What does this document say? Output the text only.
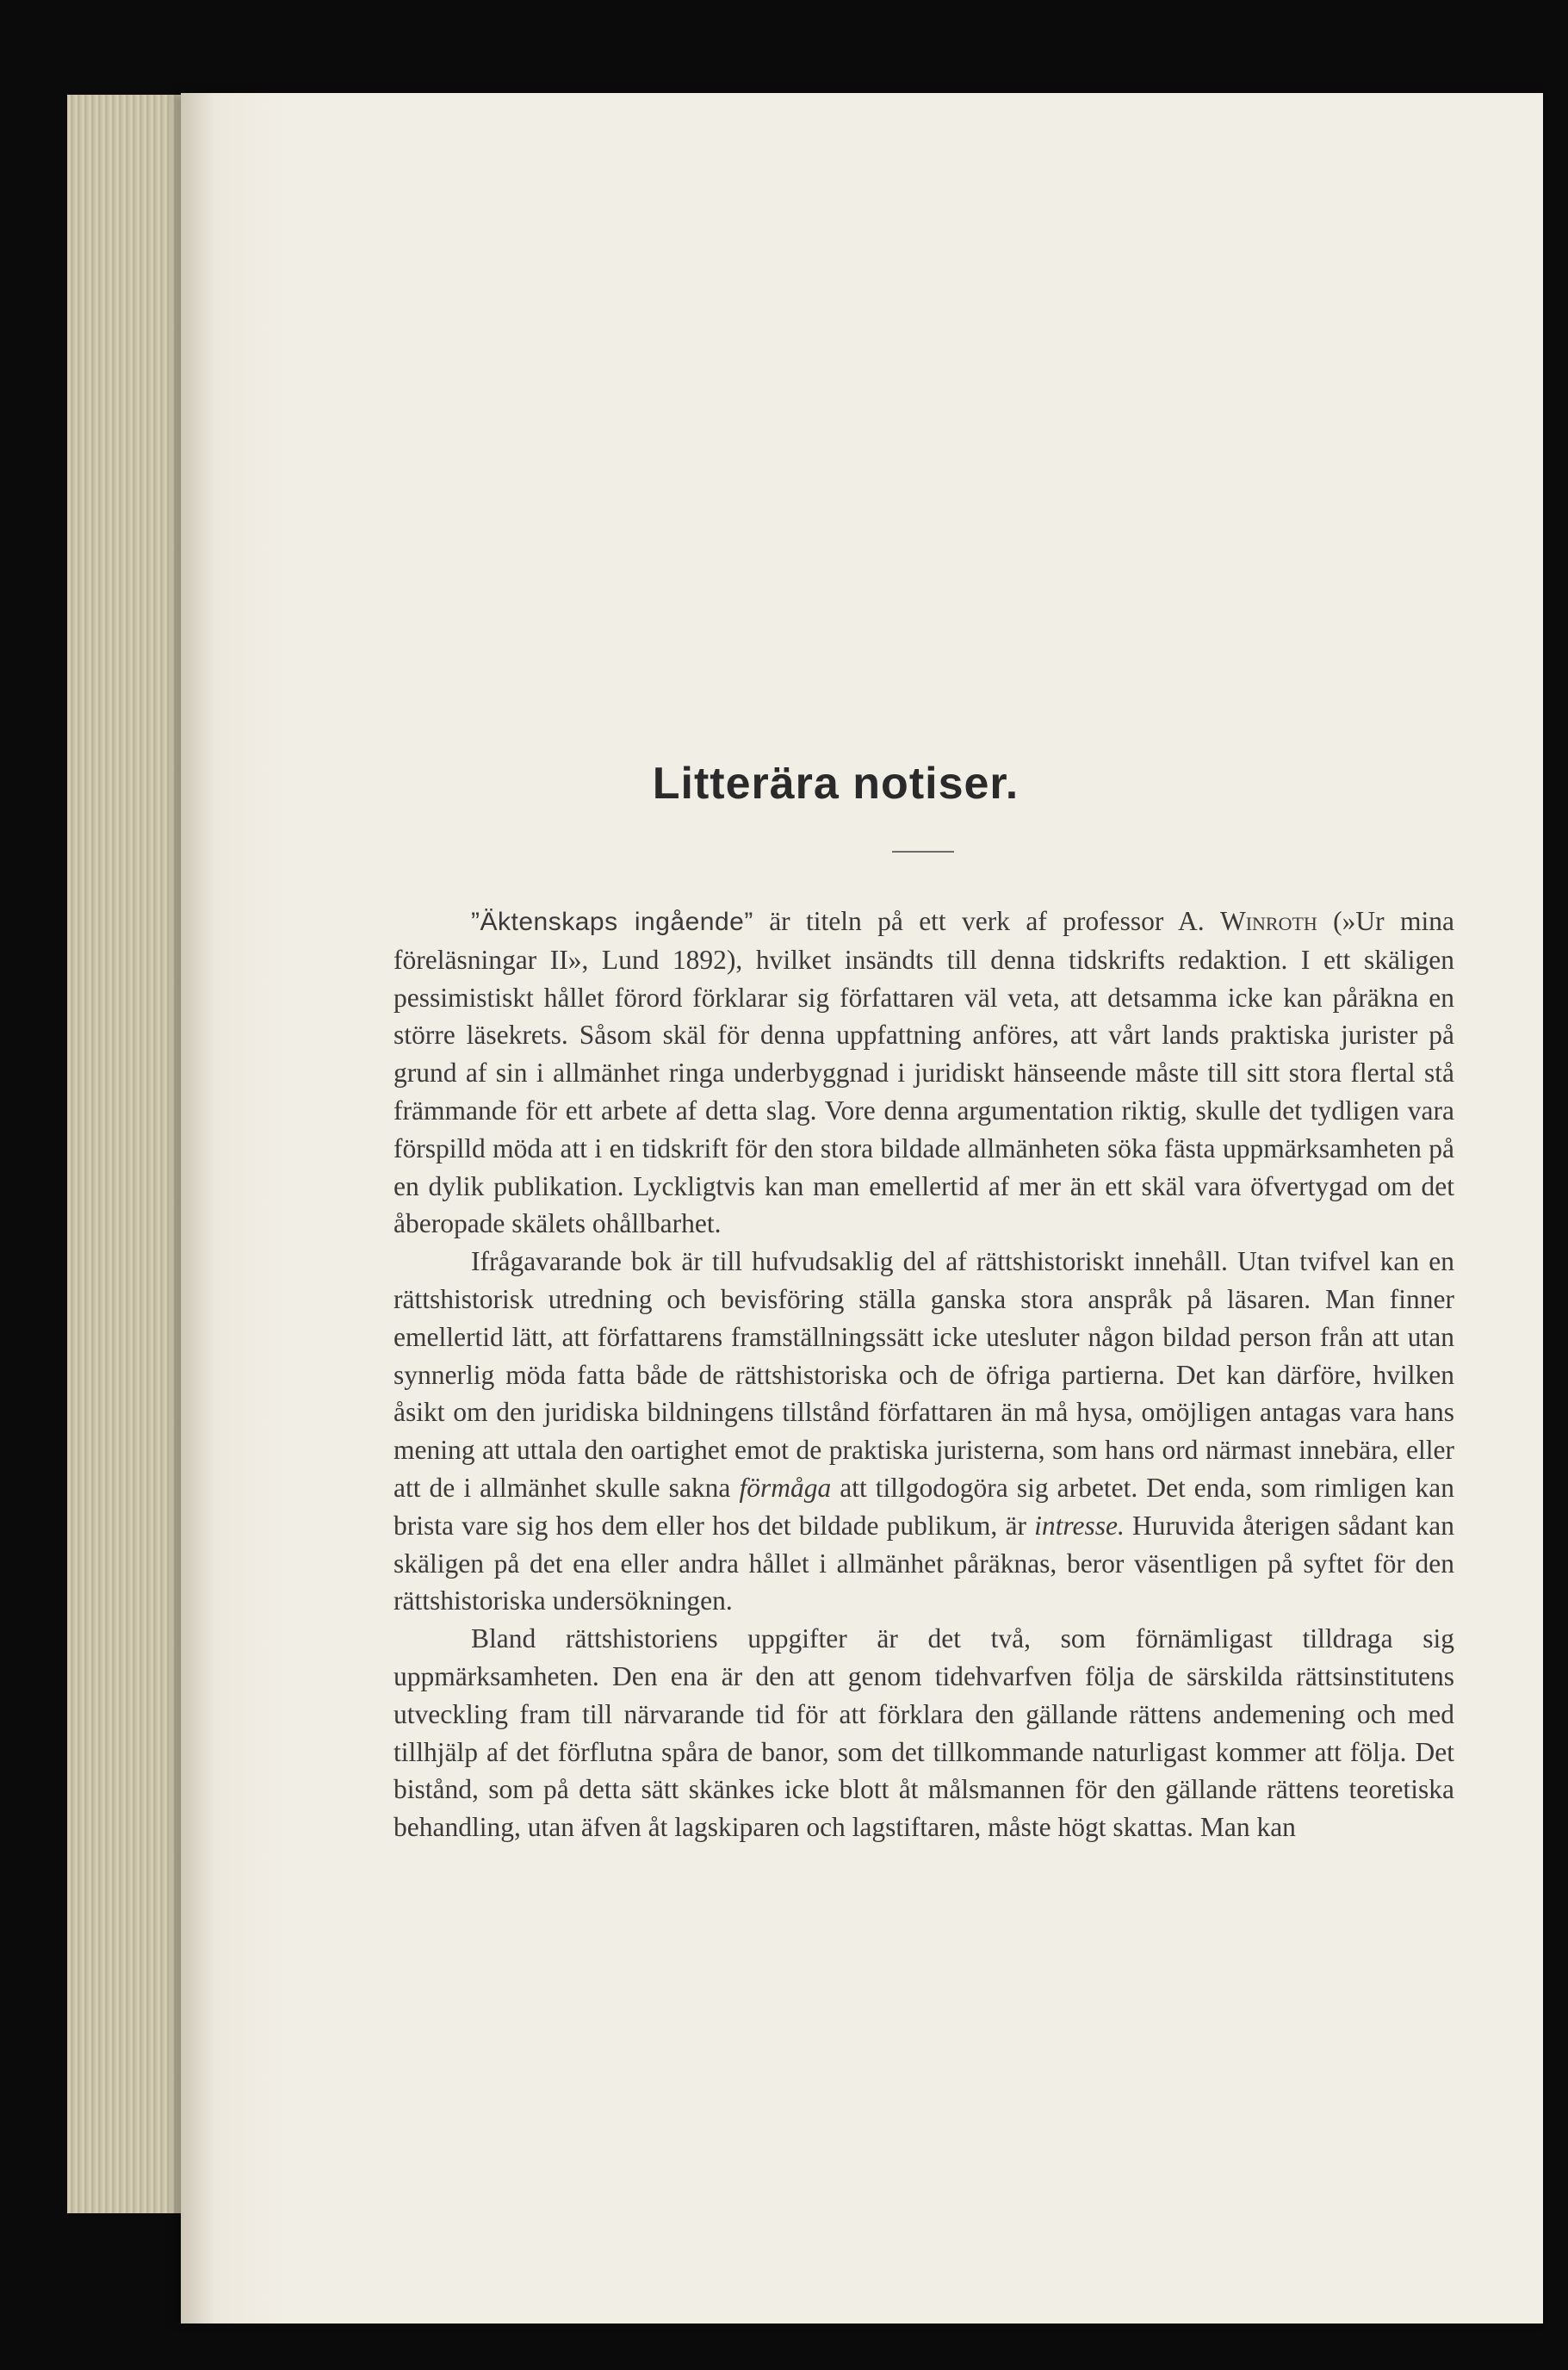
Litterära notiser.

”Äktenskaps ingående” är titeln på ett verk af professor A. Winroth (»Ur mina föreläsningar II», Lund 1892), hvilket insändts till denna tidskrifts redaktion. I ett skäligen pessimistiskt hållet förord förklarar sig författaren väl veta, att detsamma icke kan påräkna en större läsekrets. Såsom skäl för denna uppfattning anföres, att vårt lands praktiska jurister på grund af sin i allmänhet ringa underbyggnad i juridiskt hänseende måste till sitt stora flertal stå främmande för ett arbete af detta slag. Vore denna argumentation riktig, skulle det tydligen vara förspilld möda att i en tidskrift för den stora bildade allmänheten söka fästa uppmärksamheten på en dylik publikation. Lyckligtvis kan man emellertid af mer än ett skäl vara öfvertygad om det åberopade skälets ohållbarhet.

Ifrågavarande bok är till hufvudsaklig del af rättshistoriskt innehåll. Utan tvifvel kan en rättshistorisk utredning och bevisföring ställa ganska stora anspråk på läsaren. Man finner emellertid lätt, att författarens framställningssätt icke utesluter någon bildad person från att utan synnerlig möda fatta både de rättshistoriska och de öfriga partierna. Det kan därföre, hvilken åsikt om den juridiska bildningens tillstånd författaren än må hysa, omöjligen antagas vara hans mening att uttala den oartighet emot de praktiska juristerna, som hans ord närmast innebära, eller att de i allmänhet skulle sakna förmåga att tillgodogöra sig arbetet. Det enda, som rimligen kan brista vare sig hos dem eller hos det bildade publikum, är intresse. Huruvida återigen sådant kan skäligen på det ena eller andra hållet i allmänhet påräknas, beror väsentligen på syftet för den rättshistoriska undersökningen.

Bland rättshistoriens uppgifter är det två, som förnämligast tilldraga sig uppmärksamheten. Den ena är den att genom tidehvarfven följa de särskilda rättsinstitutens utveckling fram till närvarande tid för att förklara den gällande rättens andemening och med tillhjälp af det förflutna spåra de banor, som det tillkommande naturligast kommer att följa. Det bistånd, som på detta sätt skänkes icke blott åt målsmannen för den gällande rättens teoretiska behandling, utan äfven åt lagskiparen och lagstiftaren, måste högt skattas. Man kan
